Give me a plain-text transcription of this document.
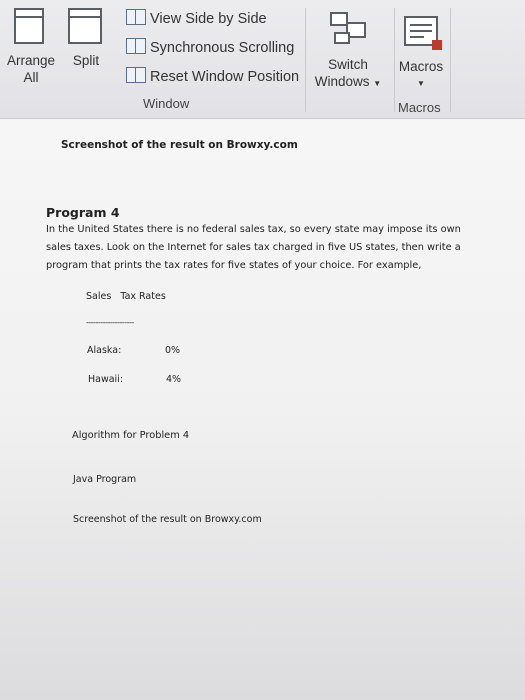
Arrange
All
Split
View Side by Side
Synchronous Scrolling
Reset Window Position
Window
Switch
Windows ▼
Macros
▼
Macros
Screenshot of the result on Browxy.com
Program 4
In the United States there is no federal sales tax, so every state may impose its own
sales taxes. Look on the Internet for sales tax charged in five US states, then write a
program that prints the tax rates for five states of your choice. For example,
Sales   Tax Rates
--------------------
Alaska:	0%
Hawaii:	4%
Algorithm for Problem 4
Java Program
Screenshot of the result on Browxy.com
